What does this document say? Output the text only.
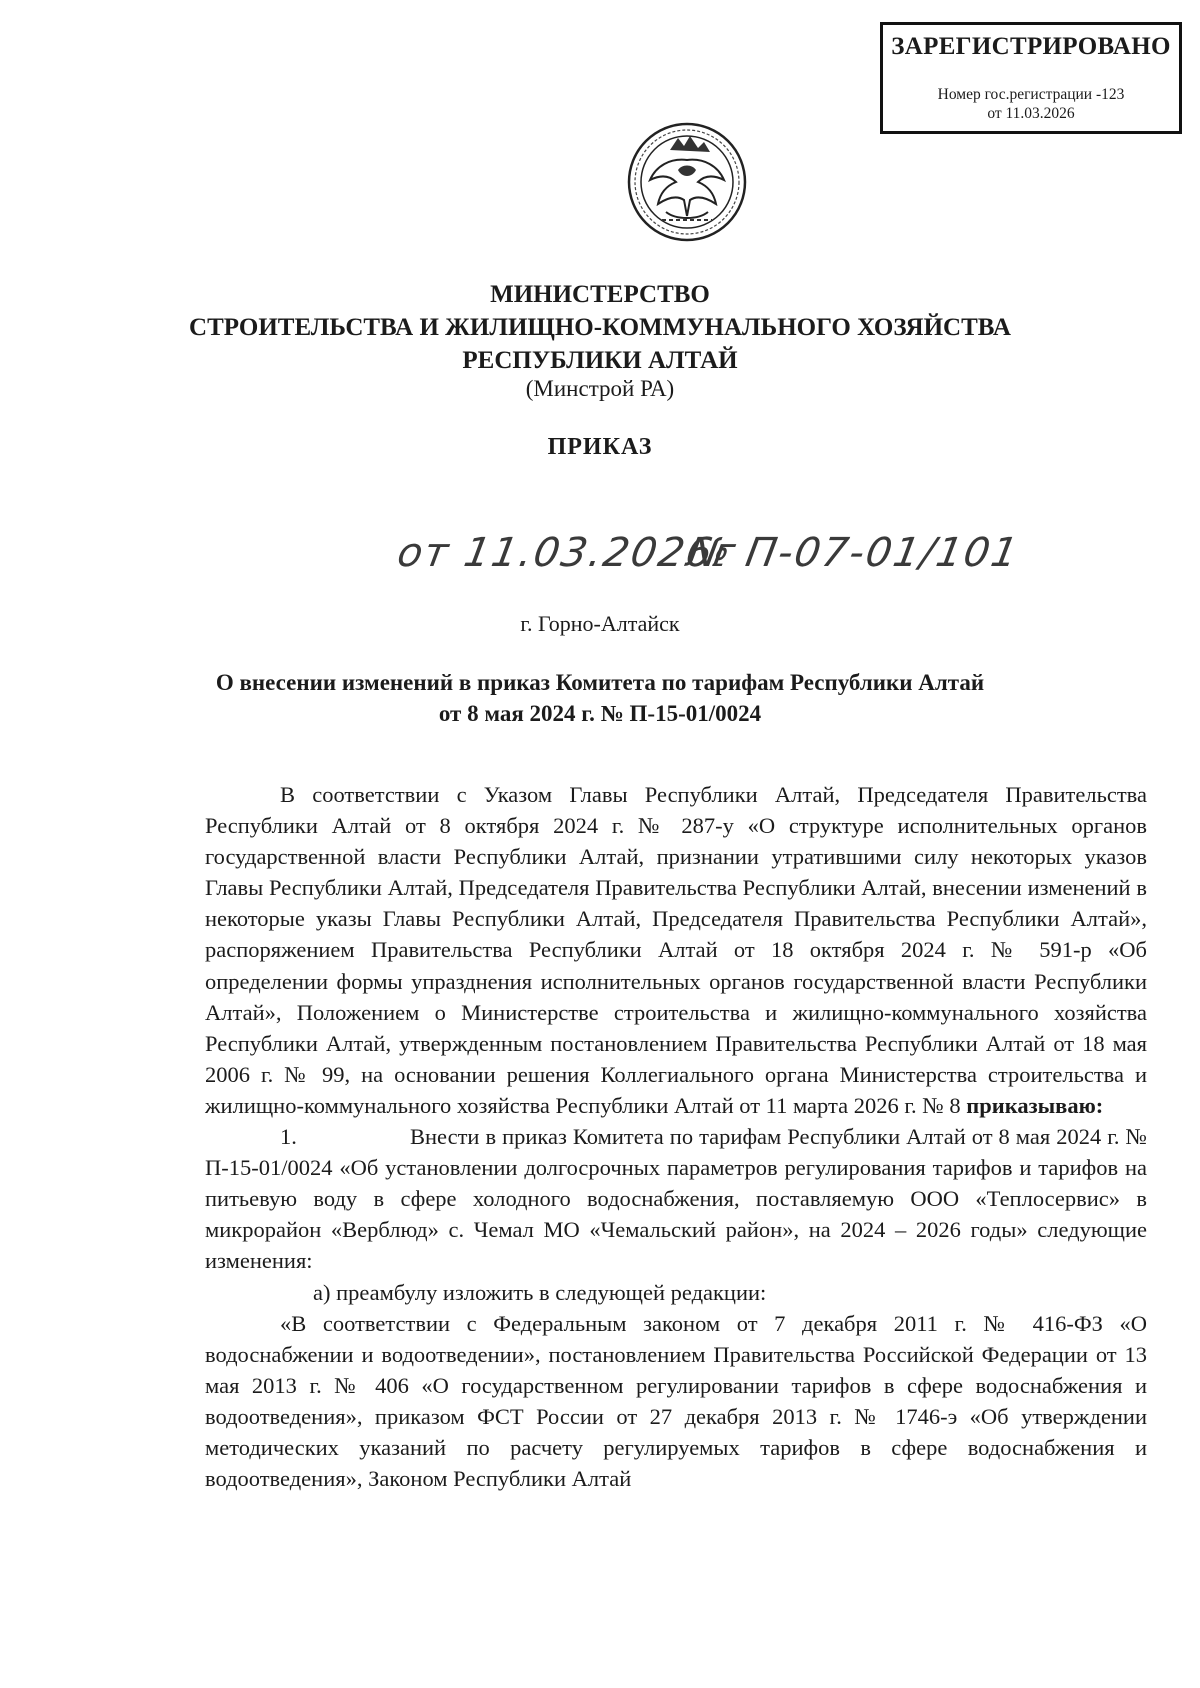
ЗАРЕГИСТРИРОВАНО
Номер гос.регистрации -123
от 11.03.2026
МИНИСТЕРСТВО
СТРОИТЕЛЬСТВА И ЖИЛИЩНО-КОММУНАЛЬНОГО ХОЗЯЙСТВА
РЕСПУБЛИКИ АЛТАЙ
(Минстрой РА)
ПРИКАЗ
от 11.03.2026г
№ П-07-01/101
г. Горно-Алтайск
О внесении изменений в приказ Комитета по тарифам Республики Алтай
от 8 мая 2024 г. № П-15-01/0024

В соответствии с Указом Главы Республики Алтай, Председателя Правительства Республики Алтай от 8 октября 2024 г. № 287-у «О структуре исполнительных органов государственной власти Республики Алтай, признании утратившими силу некоторых указов Главы Республики Алтай, Председателя Правительства Республики Алтай, внесении изменений в некоторые указы Главы Республики Алтай, Председателя Правительства Республики Алтай», распоряжением Правительства Республики Алтай от 18 октября 2024 г. № 591-р «Об определении формы упразднения исполнительных органов государственной власти Республики Алтай», Положением о Министерстве строительства и жилищно-коммунального хозяйства Республики Алтай, утвержденным постановлением Правительства Республики Алтай от 18 мая 2006 г. № 99, на основании решения Коллегиального органа Министерства строительства и жилищно-коммунального хозяйства Республики Алтай от 11 марта 2026 г. № 8 приказываю:

1.	Внести в приказ Комитета по тарифам Республики Алтай от 8 мая 2024 г. № П-15-01/0024 «Об установлении долгосрочных параметров регулирования тарифов и тарифов на питьевую воду в сфере холодного водоснабжения, поставляемую ООО «Теплосервис» в микрорайон «Верблюд» с. Чемал МО «Чемальский район», на 2024 – 2026 годы» следующие изменения:

а) преамбулу изложить в следующей редакции:

«В соответствии с Федеральным законом от 7 декабря 2011 г. № 416-ФЗ «О водоснабжении и водоотведении», постановлением Правительства Российской Федерации от 13 мая 2013 г. № 406 «О государственном регулировании тарифов в сфере водоснабжения и водоотведения», приказом ФСТ России от 27 декабря 2013 г. № 1746-э «Об утверждении методических указаний по расчету регулируемых тарифов в сфере водоснабжения и водоотведения», Законом Республики Алтай
